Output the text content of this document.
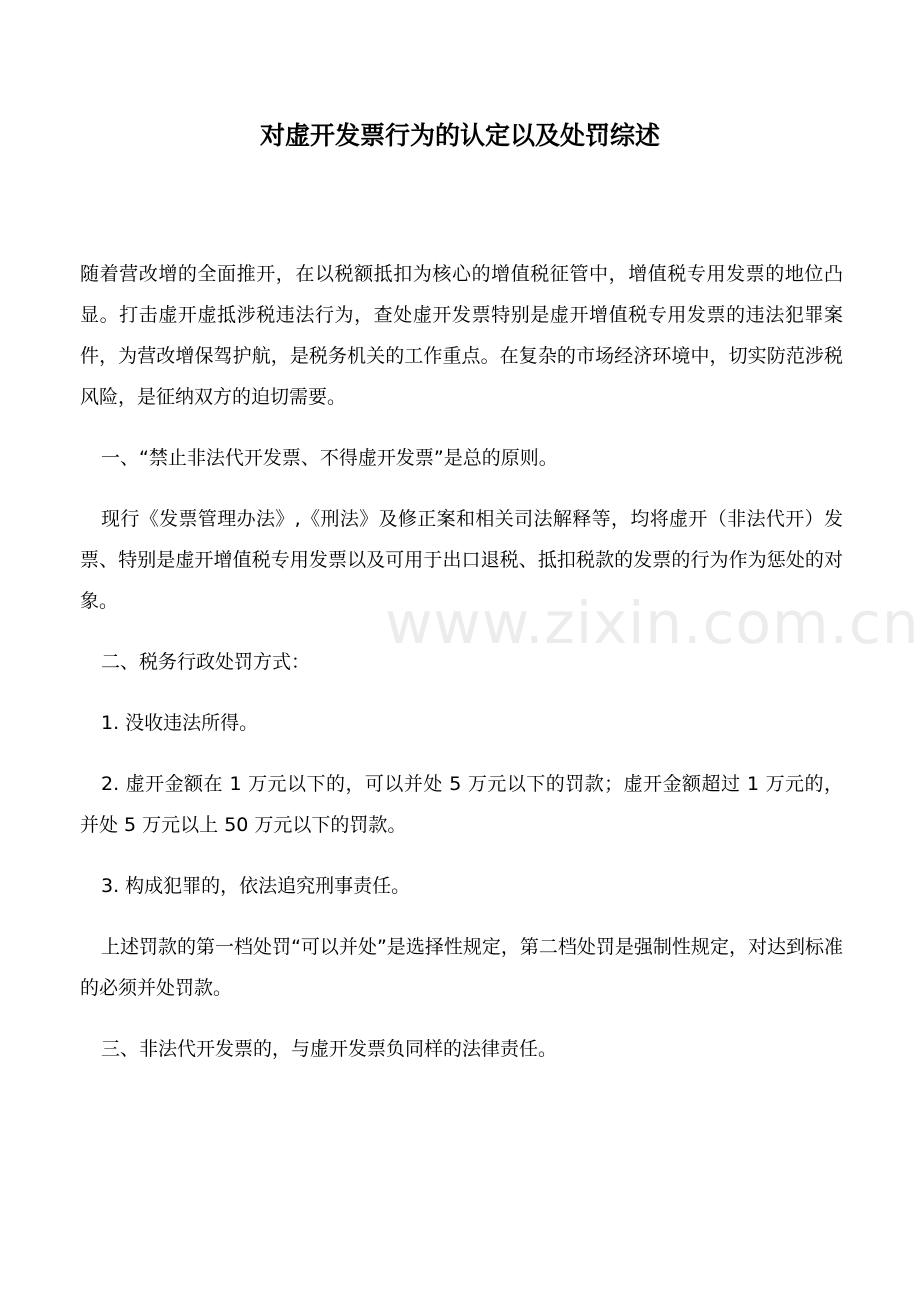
对虚开发票行为的认定以及处罚综述
www.zixin.com.cn

随着营改增的全面推开，在以税额抵扣为核心的增值税征管中，增值税专用发票的地位凸显。打击虚开虚抵涉税违法行为，查处虚开发票特别是虚开增值税专用发票的违法犯罪案件，为营改增保驾护航，是税务机关的工作重点。在复杂的市场经济环境中，切实防范涉税风险，是征纳双方的迫切需要。

一、“禁止非法代开发票、不得虚开发票”是总的原则。

现行《发票管理办法》,《刑法》及修正案和相关司法解释等，均将虚开（非法代开）发票、特别是虚开增值税专用发票以及可用于出口退税、抵扣税款的发票的行为作为惩处的对象。

二、税务行政处罚方式：

1. 没收违法所得。

2. 虚开金额在 1 万元以下的，可以并处 5 万元以下的罚款；虚开金额超过 1 万元的，并处 5 万元以上 50 万元以下的罚款。

3. 构成犯罪的，依法追究刑事责任。

上述罚款的第一档处罚“可以并处”是选择性规定，第二档处罚是强制性规定，对达到标准的必须并处罚款。

三、非法代开发票的，与虚开发票负同样的法律责任。
